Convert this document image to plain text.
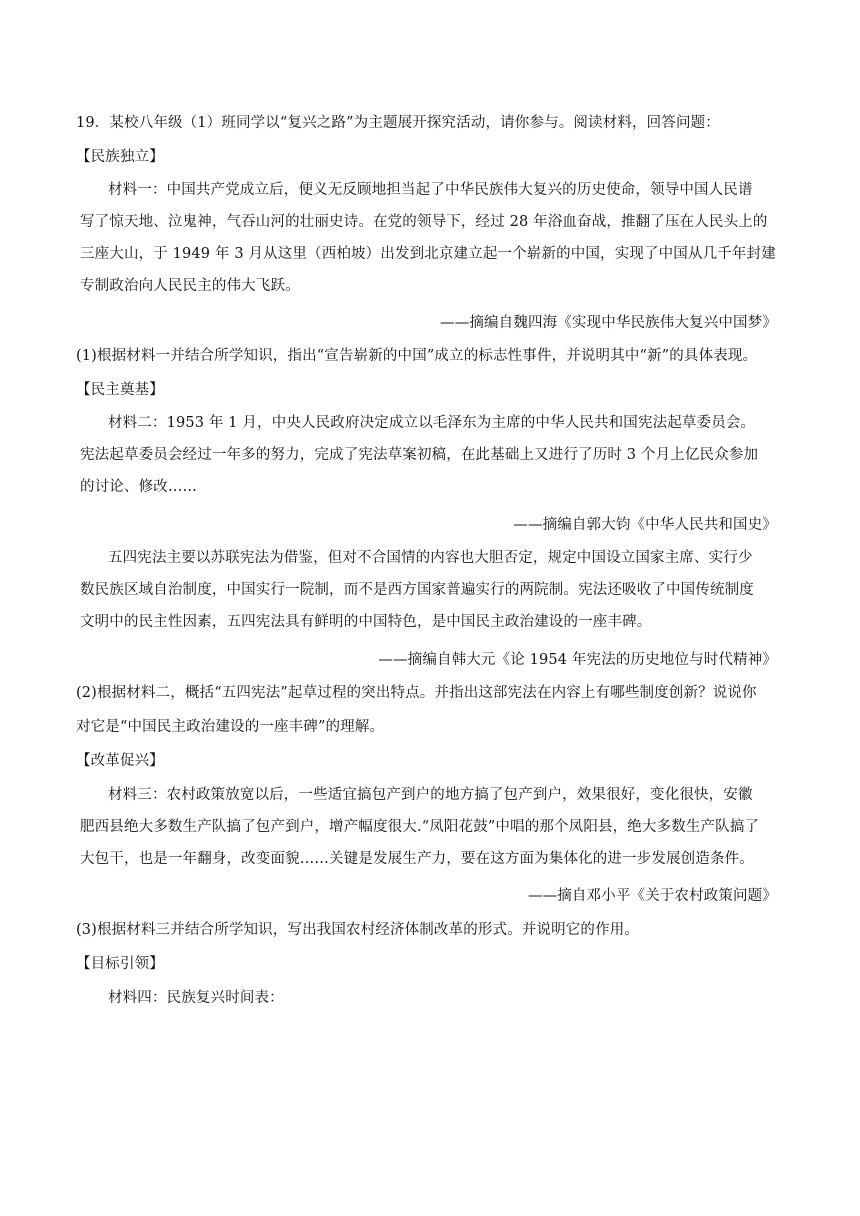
19．某校八年级（1）班同学以“复兴之路”为主题展开探究活动，请你参与。阅读材料，回答问题：
【民族独立】
材料一：中国共产党成立后，便义无反顾地担当起了中华民族伟大复兴的历史使命，领导中国人民谱
写了惊天地、泣鬼神，气吞山河的壮丽史诗。在党的领导下，经过 28 年浴血奋战，推翻了压在人民头上的
三座大山，于 1949 年 3 月从这里（西柏坡）出发到北京建立起一个崭新的中国，实现了中国从几千年封建
专制政治向人民民主的伟大飞跃。
——摘编自魏四海《实现中华民族伟大复兴中国梦》
(1)根据材料一并结合所学知识，指出“宣告崭新的中国”成立的标志性事件，并说明其中“新”的具体表现。
【民主奠基】
材料二：1953 年 1 月，中央人民政府决定成立以毛泽东为主席的中华人民共和国宪法起草委员会。
宪法起草委员会经过一年多的努力，完成了宪法草案初稿，在此基础上又进行了历时 3 个月上亿民众参加
的讨论、修改……
——摘编自郭大钧《中华人民共和国史》
五四宪法主要以苏联宪法为借鉴，但对不合国情的内容也大胆否定，规定中国设立国家主席、实行少
数民族区域自治制度，中国实行一院制，而不是西方国家普遍实行的两院制。宪法还吸收了中国传统制度
文明中的民主性因素，五四宪法具有鲜明的中国特色，是中国民主政治建设的一座丰碑。
——摘编自韩大元《论 1954 年宪法的历史地位与时代精神》
(2)根据材料二，概括“五四宪法”起草过程的突出特点。并指出这部宪法在内容上有哪些制度创新？说说你
对它是“中国民主政治建设的一座丰碑”的理解。
【改革促兴】
材料三：农村政策放宽以后，一些适宜搞包产到户的地方搞了包产到户，效果很好，变化很快，安徽
肥西县绝大多数生产队搞了包产到户，增产幅度很大.“凤阳花鼓”中唱的那个凤阳县，绝大多数生产队搞了
大包干，也是一年翻身，改变面貌……关键是发展生产力，要在这方面为集体化的进一步发展创造条件。
——摘自邓小平《关于农村政策问题》
(3)根据材料三并结合所学知识，写出我国农村经济体制改革的形式。并说明它的作用。
【目标引领】
材料四：民族复兴时间表：
